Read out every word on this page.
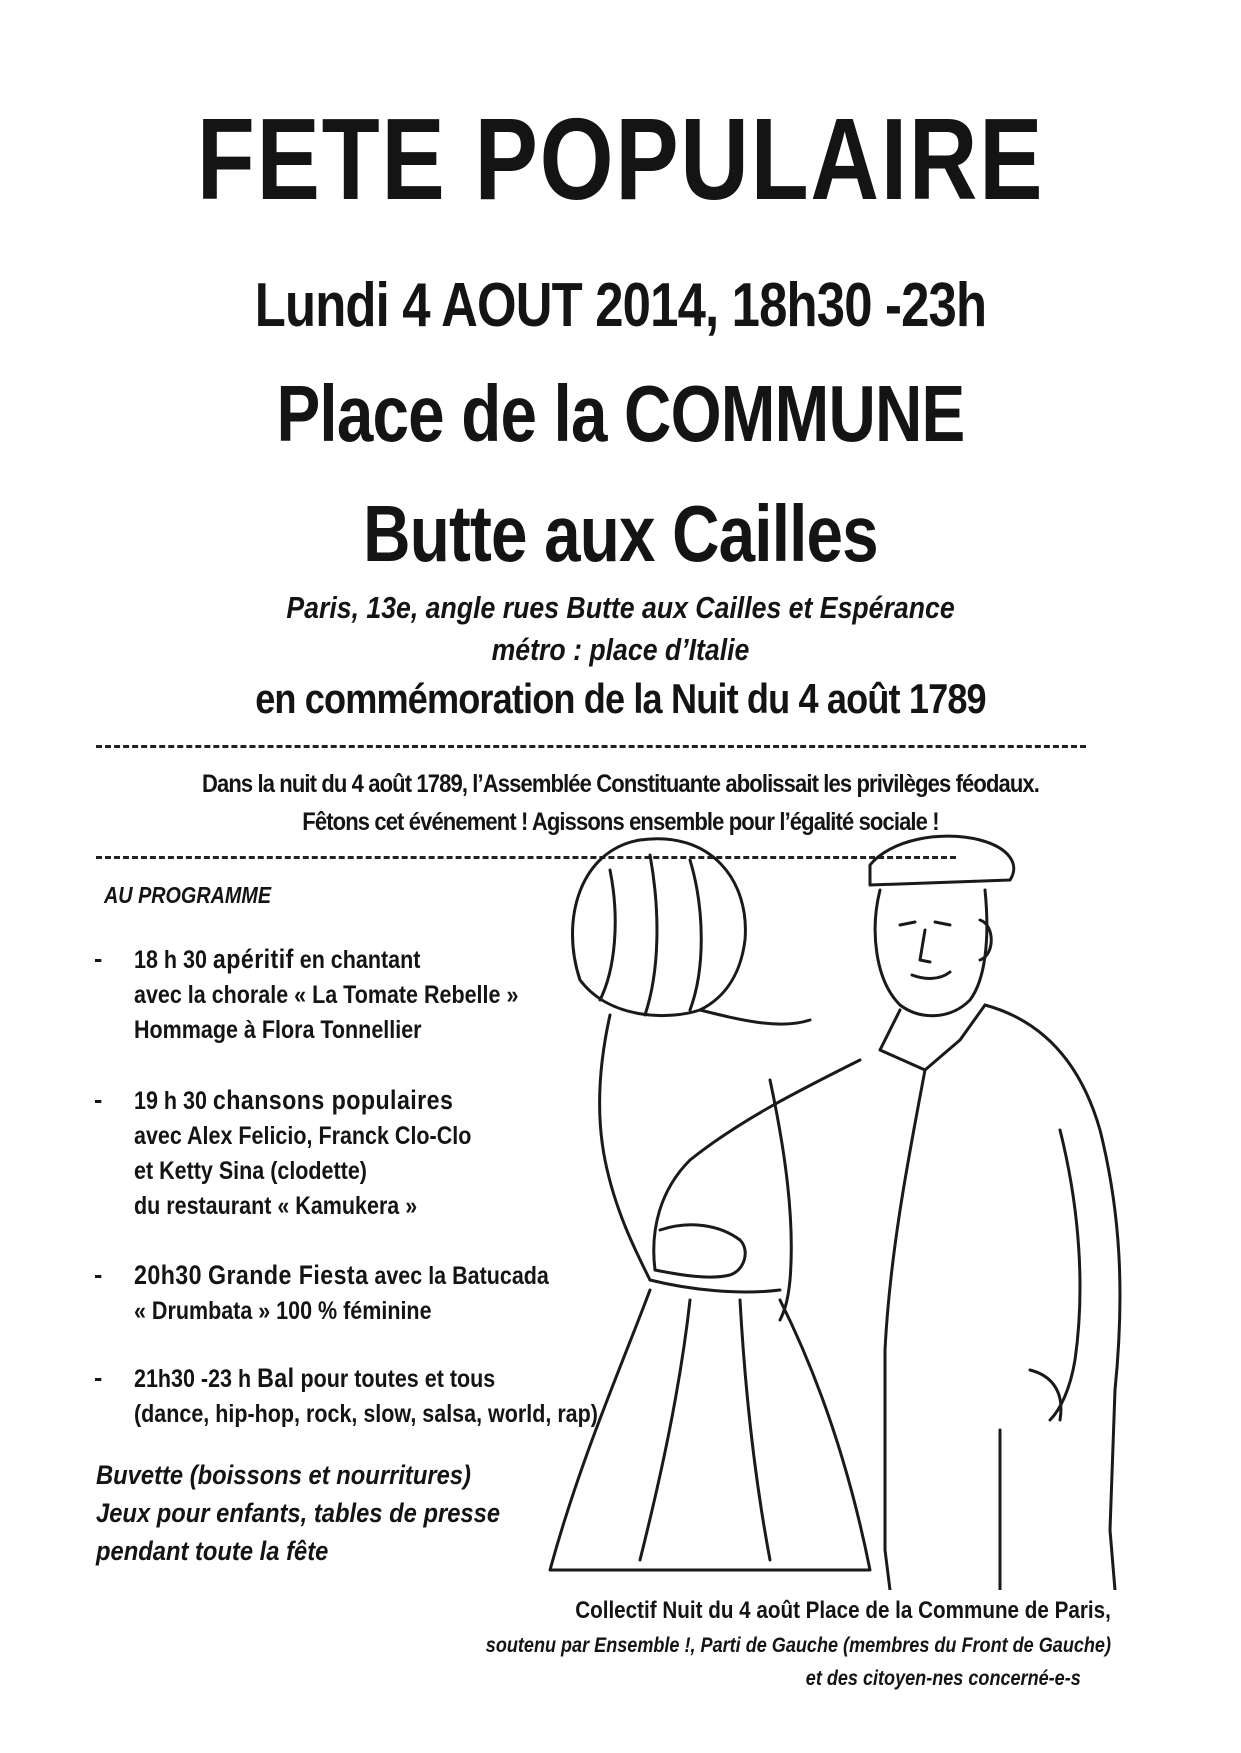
FETE POPULAIRE
Lundi 4 AOUT 2014, 18h30 -23h
Place de la COMMUNE
Butte aux Cailles
Paris, 13e, angle rues Butte aux Cailles et Espérance
métro : place d’Italie
en commémoration de la Nuit du 4 août 1789
Dans la nuit du 4 août 1789, l’Assemblée Constituante abolissait les privilèges féodaux.
Fêtons cet événement ! Agissons ensemble pour l’égalité sociale !
AU PROGRAMME
- 18 h 30 apéritif en chantant
avec la chorale « La Tomate Rebelle »
Hommage à Flora Tonnellier
- 19 h 30 chansons populaires
avec Alex Felicio, Franck Clo-Clo
et Ketty Sina (clodette)
du restaurant « Kamukera »
- 20h30 Grande Fiesta avec la Batucada
« Drumbata » 100 % féminine
- 21h30 -23 h Bal pour toutes et tous
(dance, hip-hop, rock, slow, salsa, world, rap)
Buvette (boissons et nourritures)
Jeux pour enfants, tables de presse
pendant toute la fête
Collectif Nuit du 4 août Place de la Commune de Paris,
soutenu par Ensemble !, Parti de Gauche (membres du Front de Gauche)
et des citoyen-nes concerné-e-s
